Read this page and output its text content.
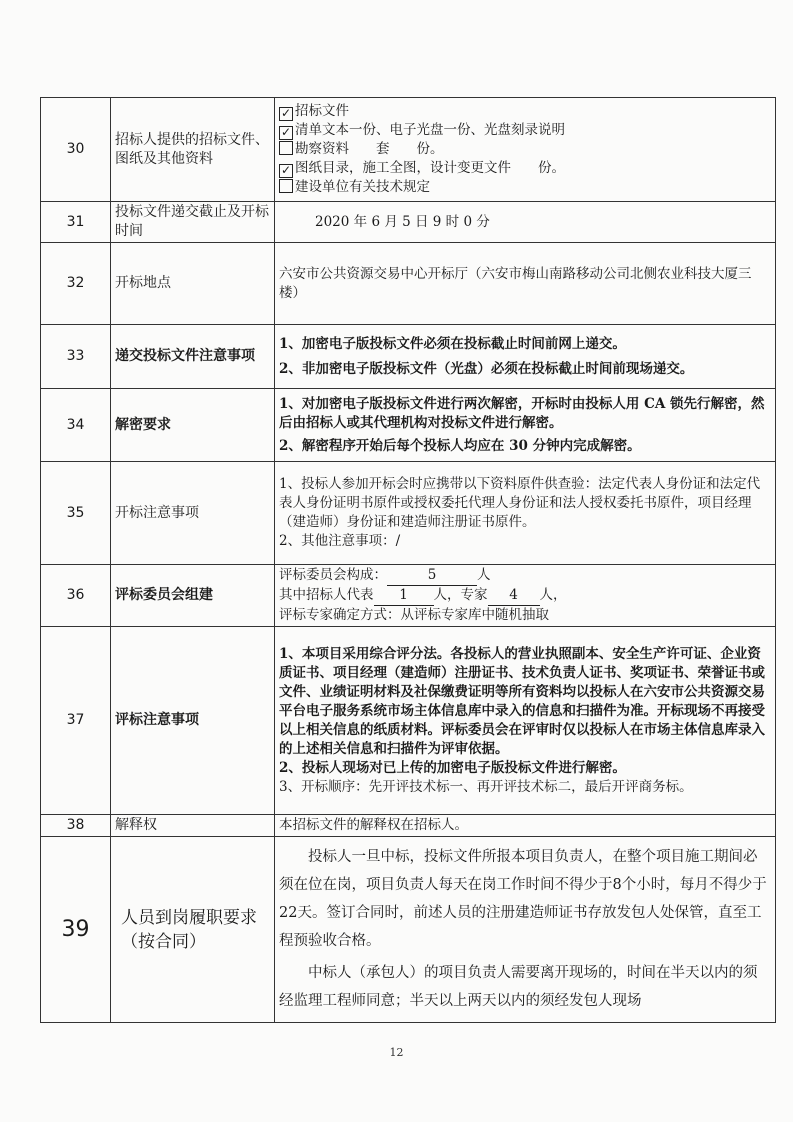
30	招标人提供的招标文件、图纸及其他资料	✓ 招标文件
✓ 清单文本一份、电子光盘一份、光盘刻录说明
勘察资料　　套　　份。
✓ 图纸目录，施工全图，设计变更文件　　份。
建设单位有关技术规定

31	投标文件递交截止及开标时间	2020 年 6 月 5 日 9 时 0 分
32	开标地点	六安市公共资源交易中心开标厅（六安市梅山南路移动公司北侧农业科技大厦三楼）
33	递交投标文件注意事项	1、加密电子版投标文件必须在投标截止时间前网上递交。
2、非加密电子版投标文件（光盘）必须在投标截止时间前现场递交。

34	解密要求	1、对加密电子版投标文件进行两次解密，开标时由投标人用 CA 锁先行解密，然后由招标人或其代理机构对投标文件进行解密。
2、解密程序开始后每个投标人均应在 30 分钟内完成解密。

35	开标注意事项	1、投标人参加开标会时应携带以下资料原件供查验：法定代表人身份证和法定代表人身份证明书原件或授权委托代理人身份证和法人授权委托书原件，项目经理（建造师）身份证和建造师注册证书原件。
2、其他注意事项：/

36	评标委员会组建	评标委员会构成： 5 人
其中招标人代表 1 人，专家 4 人，
评标专家确定方式：从评标专家库中随机抽取

37	评标注意事项	1、本项目采用综合评分法。各投标人的营业执照副本、安全生产许可证、企业资质证书、项目经理（建造师）注册证书、技术负责人证书、奖项证书、荣誉证书或文件、业绩证明材料及社保缴费证明等所有资料均以投标人在六安市公共资源交易平台电子服务系统市场主体信息库中录入的信息和扫描件为准。开标现场不再接受以上相关信息的纸质材料。评标委员会在评审时仅以投标人在市场主体信息库录入的上述相关信息和扫描件为评审依据。
2、投标人现场对已上传的加密电子版投标文件进行解密。
3、开标顺序：先开评技术标一、再开评技术标二，最后开评商务标。

38	解释权	本招标文件的解释权在招标人。
39	人员到岗履职要求（按合同）	投标人一旦中标，投标文件所报本项目负责人，在整个项目施工期间必须在位在岗，项目负责人每天在岗工作时间不得少于8个小时，每月不得少于22天。签订合同时，前述人员的注册建造师证书存放发包人处保管，直至工程预验收合格。

中标人（承包人）的项目负责人需要离开现场的，时间在半天以内的须经监理工程师同意；半天以上两天以内的须经发包人现场

12
